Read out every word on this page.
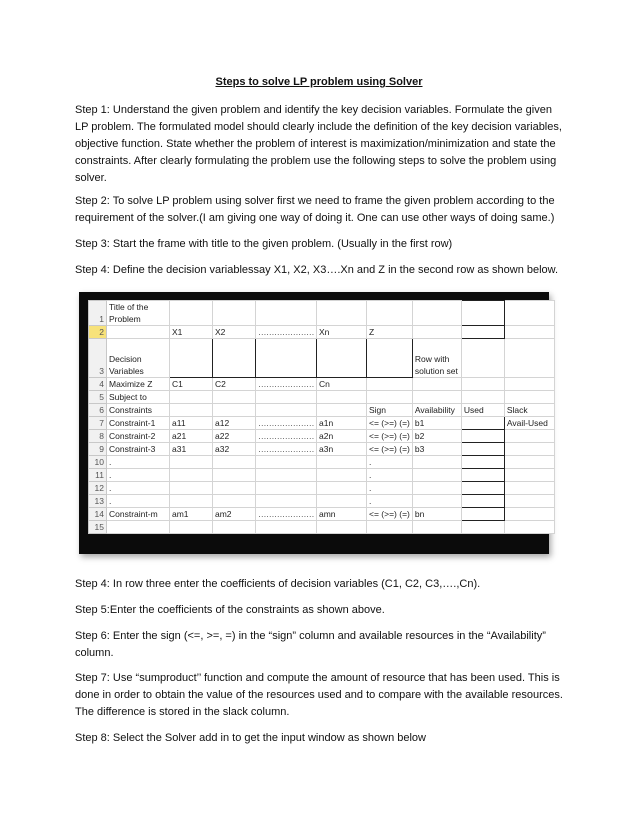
Steps to solve LP problem using Solver
Step 1: Understand the given problem and identify the key decision variables. Formulate the given LP problem. The formulated model should clearly include the definition of the key decision variables, objective function. State whether the problem of interest is maximization/minimization and state the constraints. After clearly formulating the problem use the following steps to solve the problem using solver.
Step 2: To solve LP problem using solver first we need to frame the given problem according to the requirement of the solver.(I am giving one way of doing it. One can use other ways of doing same.)
Step 3: Start the frame with title to the given problem. (Usually in the first row)
Step 4: Define the decision variablessay X1, X2, X3….Xn and Z in the second row as shown below.
1	Title of the Problem								
2		X1	X2	…………………	Xn	Z			
3	Decision Variables						Row with solution set		
4	Maximize Z	C1	C2	…………………	Cn				
5	Subject to								
6	Constraints					Sign	Availability	Used	Slack
7	Constraint-1	a11	a12	…………………	a1n	<= (>=) (=)	b1		Avail-Used
8	Constraint-2	a21	a22	…………………	a2n	<= (>=) (=)	b2		
9	Constraint-3	a31	a32	…………………	a3n	<= (>=) (=)	b3		
10	.					.			
11	.					.			
12	.					.			
13	.					.			
14	Constraint-m	am1	am2	…………………	amn	<= (>=) (=)	bn		
15									
Step 4: In row three enter the coefficients of decision variables (C1, C2, C3,….,Cn).
Step 5:Enter the coefficients of the constraints as shown above.
Step 6: Enter the sign (<=, >=, =) in the “sign” column and available resources in the “Availability” column.
Step 7: Use “sumproduct’’ function and compute the amount of resource that has been used. This is done in order to obtain the value of the resources used and to compare with the available resources. The difference is stored in the slack column.
Step 8: Select the Solver add in to get the input window as shown below
